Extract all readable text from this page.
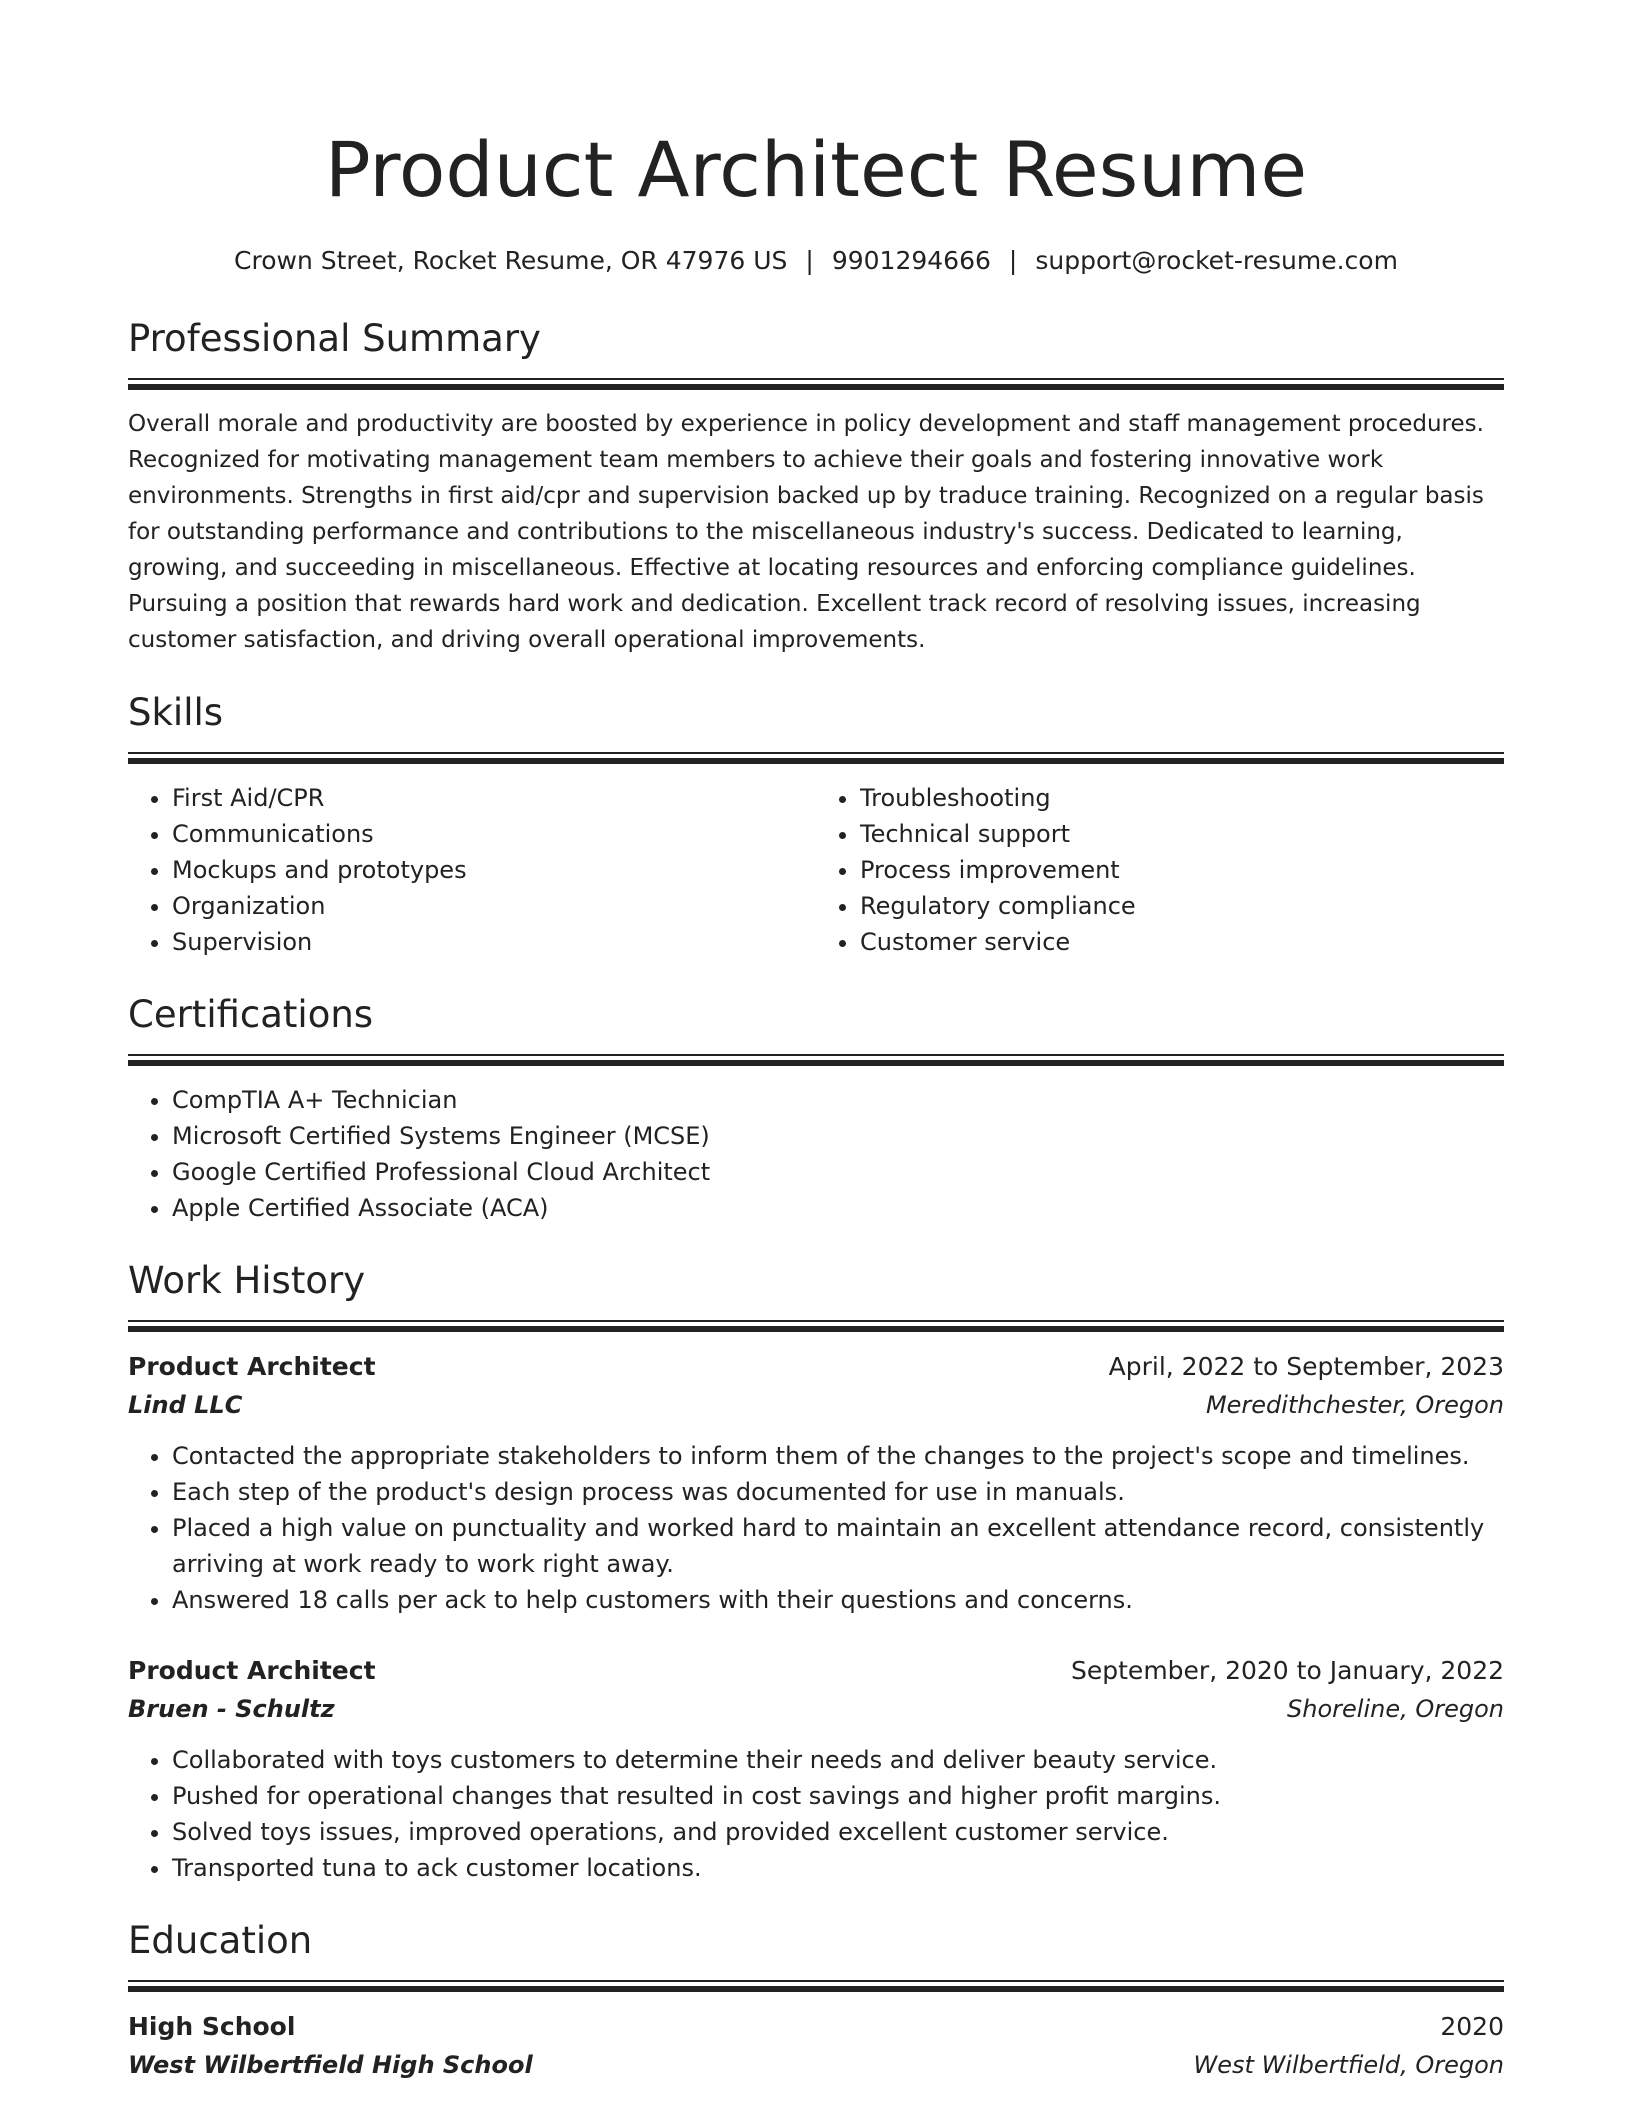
Product Architect Resume
Crown Street, Rocket Resume, OR 47976 US | 9901294666 | support@rocket-resume.com
Professional Summary

Overall morale and productivity are boosted by experience in policy development and staff management procedures. Recognized for motivating management team members to achieve their goals and fostering innovative work environments. Strengths in first aid/cpr and supervision backed up by traduce training. Recognized on a regular basis for outstanding performance and contributions to the miscellaneous industry's success. Dedicated to learning, growing, and succeeding in miscellaneous. Effective at locating resources and enforcing compliance guidelines. Pursuing a position that rewards hard work and dedication. Excellent track record of resolving issues, increasing customer satisfaction, and driving overall operational improvements.

Skills
• First Aid/CPR
• Communications
• Mockups and prototypes
• Organization
• Supervision
• Troubleshooting
• Technical support
• Process improvement
• Regulatory compliance
• Customer service
Certifications
• CompTIA A+ Technician
• Microsoft Certified Systems Engineer (MCSE)
• Google Certified Professional Cloud Architect
• Apple Certified Associate (ACA)
Work History
Product Architect	April, 2022 to September, 2023
Lind LLC	Meredithchester, Oregon
• Contacted the appropriate stakeholders to inform them of the changes to the project's scope and timelines.
• Each step of the product's design process was documented for use in manuals.
• Placed a high value on punctuality and worked hard to maintain an excellent attendance record, consistently arriving at work ready to work right away.
• Answered 18 calls per ack to help customers with their questions and concerns.
Product Architect	September, 2020 to January, 2022
Bruen - Schultz	Shoreline, Oregon
• Collaborated with toys customers to determine their needs and deliver beauty service.
• Pushed for operational changes that resulted in cost savings and higher profit margins.
• Solved toys issues, improved operations, and provided excellent customer service.
• Transported tuna to ack customer locations.
Education
High School	2020
West Wilbertfield High School	West Wilbertfield, Oregon
